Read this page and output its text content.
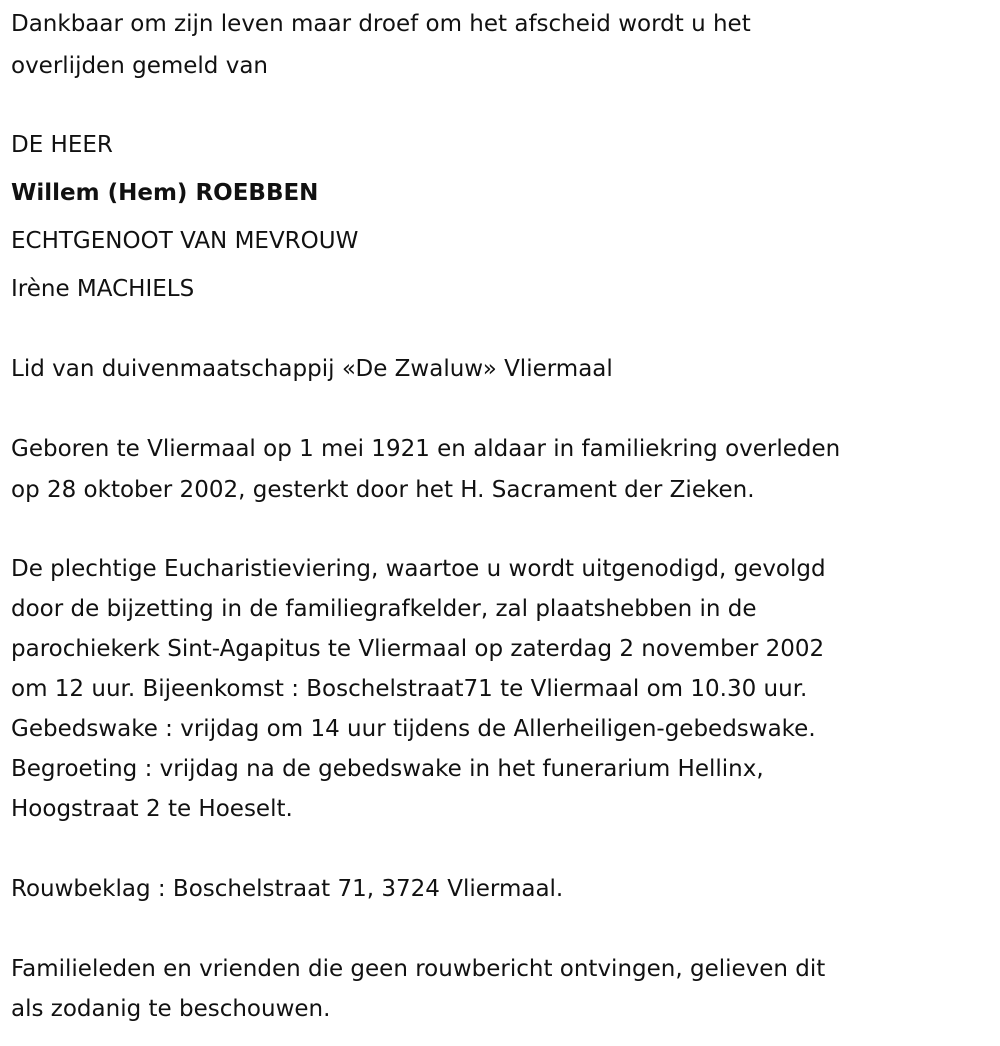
Dankbaar om zijn leven maar droef om het afscheid wordt u het
overlijden gemeld van
DE HEER
Willem (Hem) ROEBBEN
ECHTGENOOT VAN MEVROUW
Irène MACHIELS
Lid van duivenmaatschappij «De Zwaluw» Vliermaal
Geboren te Vliermaal op 1 mei 1921 en aldaar in familiekring overleden
op 28 oktober 2002, gesterkt door het H. Sacrament der Zieken.
De plechtige Eucharistieviering, waartoe u wordt uitgenodigd, gevolgd
door de bijzetting in de familiegrafkelder, zal plaatshebben in de
parochiekerk Sint-Agapitus te Vliermaal op zaterdag 2 november 2002
om 12 uur. Bijeenkomst : Boschelstraat71 te Vliermaal om 10.30 uur.
Gebedswake : vrijdag om 14 uur tijdens de Allerheiligen-gebedswake.
Begroeting : vrijdag na de gebedswake in het funerarium Hellinx,
Hoogstraat 2 te Hoeselt.
Rouwbeklag : Boschelstraat 71, 3724 Vliermaal.
Familieleden en vrienden die geen rouwbericht ontvingen, gelieven dit
als zodanig te beschouwen.
